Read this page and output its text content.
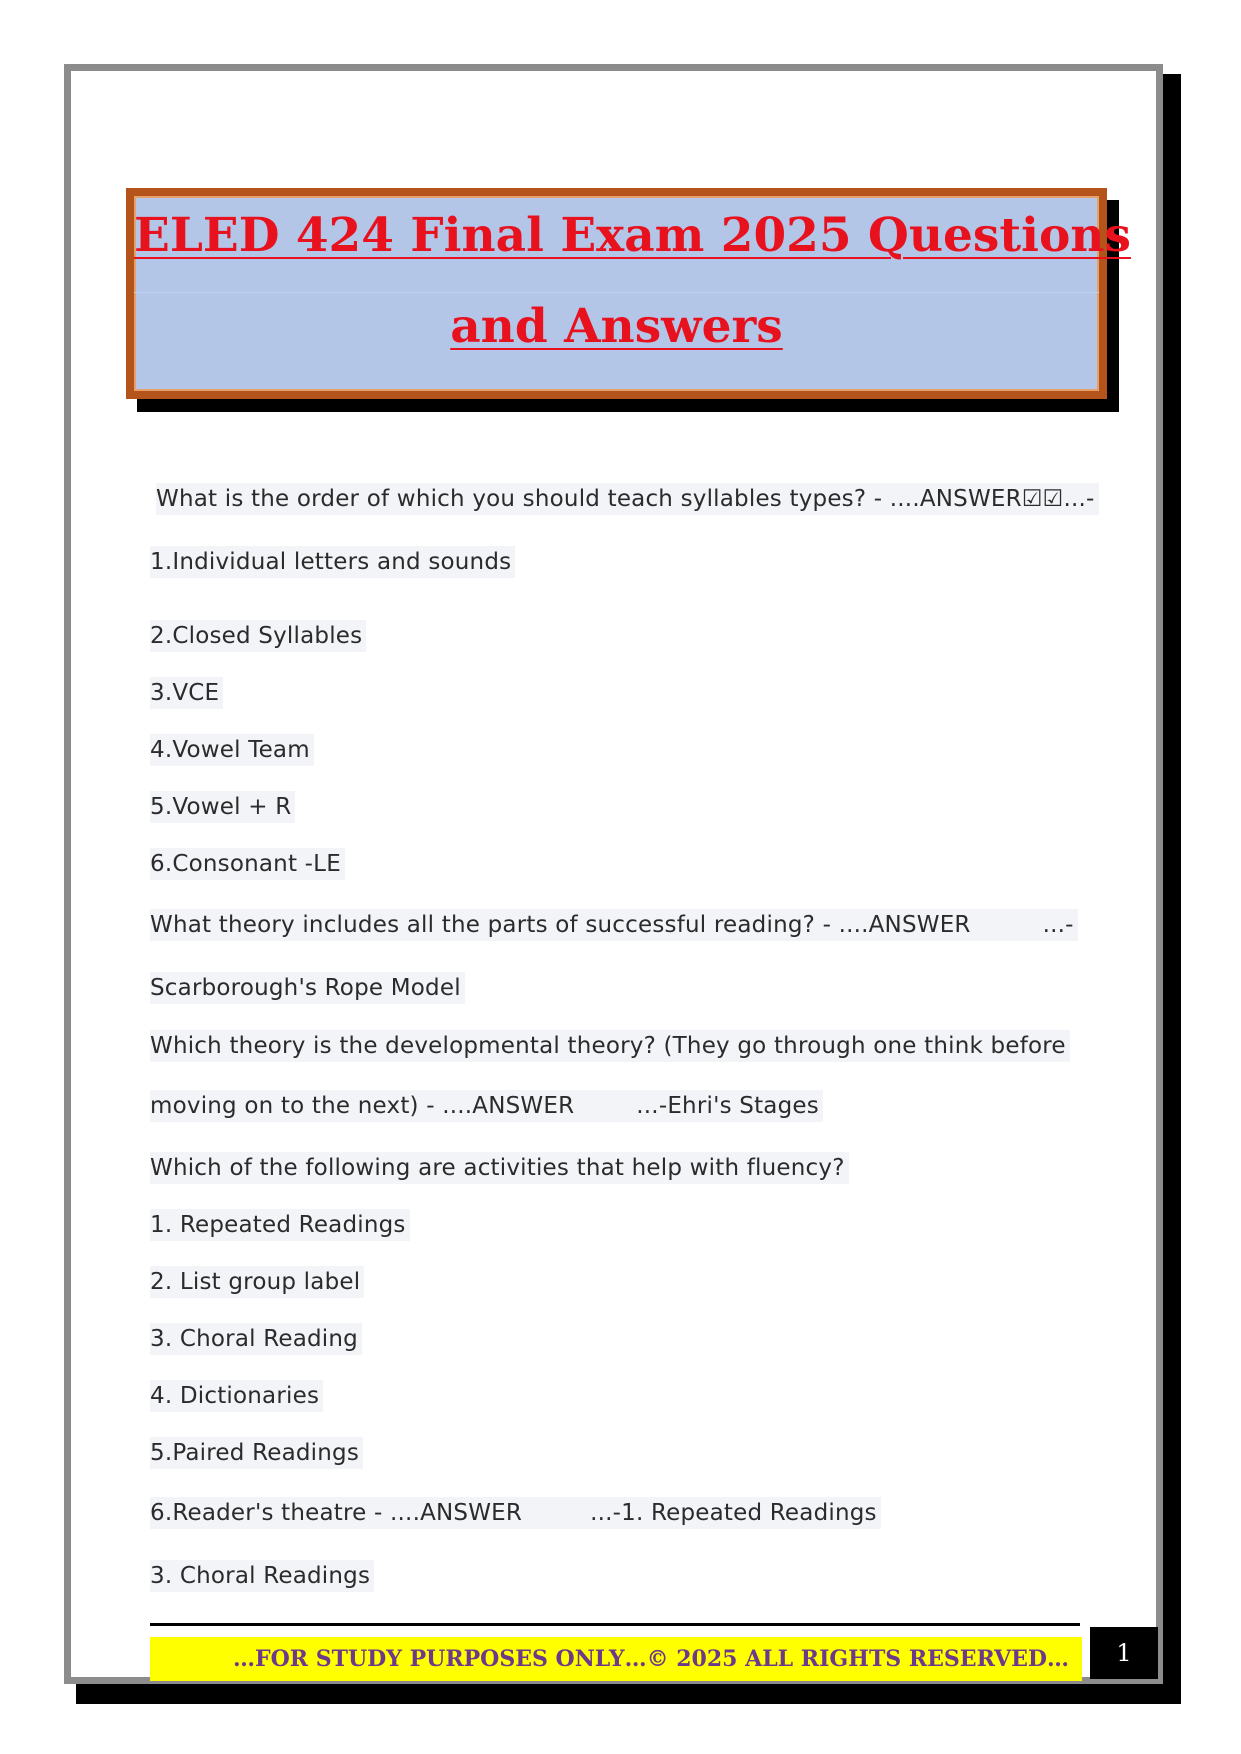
ELED 424 Final Exam 2025 Questions
and Answers
What is the order of which you should teach syllables types? - ....ANSWER☑☑...-
1.Individual letters and sounds
2.Closed Syllables
3.VCE
4.Vowel Team
5.Vowel + R
6.Consonant -LE
What theory includes all the parts of successful reading? - ....ANSWER	...-
Scarborough's Rope Model
Which theory is the developmental theory? (They go through one think before
moving on to the next) - ....ANSWER	...-Ehri's Stages
Which of the following are activities that help with fluency?
1. Repeated Readings
2. List group label
3. Choral Reading
4. Dictionaries
5.Paired Readings
6.Reader's theatre - ....ANSWER	...-1. Repeated Readings
3. Choral Readings
…FOR STUDY PURPOSES ONLY…© 2025 ALL RIGHTS RESERVED…	1
